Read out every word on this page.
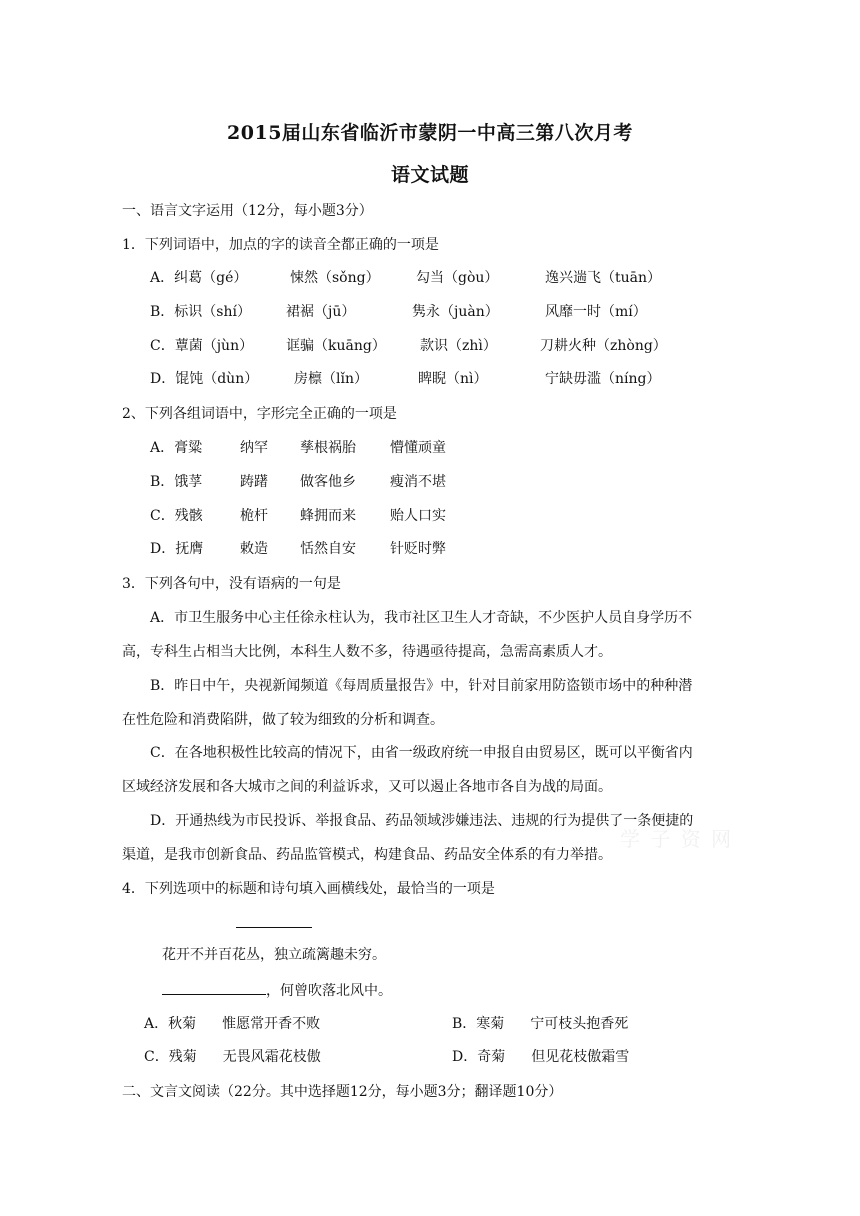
2015届山东省临沂市蒙阴一中高三第八次月考
语文试题
一、语言文字运用（12分，每小题3分）
1．下列词语中，加点的字的读音全都正确的一项是
A．纠葛（gé）	悚然（sǒng）	勾当（gòu）	逸兴遄飞（tuān）
B．标识（shí）	裙裾（jū）	隽永（juàn）	风靡一时（mí）
C．蕈菌（jùn） 诓骗（kuāng） 款识（zhì）	刀耕火种（zhòng）
D．馄饨（dùn）	房檩（lǐn）	睥睨（nì）	宁缺毋滥（níng）
2、下列各组词语中，字形完全正确的一项是
A．膏粱	纳罕 孳根祸胎 懵懂顽童
B．饿莩	踌躇 做客他乡 瘦消不堪
C．残骸	桅杆 蜂拥而来 贻人口实
D．抚膺	敕造 恬然自安 针贬时弊
3．下列各句中，没有语病的一句是
A．市卫生服务中心主任徐永柱认为，我市社区卫生人才奇缺，不少医护人员自身学历不
高，专科生占相当大比例，本科生人数不多，待遇亟待提高，急需高素质人才。
B．昨日中午，央视新闻频道《每周质量报告》中，针对目前家用防盗锁市场中的种种潜
在性危险和消费陷阱，做了较为细致的分析和调查。
C．在各地积极性比较高的情况下，由省一级政府统一申报自由贸易区，既可以平衡省内
区域经济发展和各大城市之间的利益诉求，又可以遏止各地市各自为战的局面。
D．开通热线为市民投诉、举报食品、药品领域涉嫌违法、违规的行为提供了一条便捷的
渠道，是我市创新食品、药品监管模式，构建食品、药品安全体系的有力举措。
学 子 资 网
4．下列选项中的标题和诗句填入画横线处，最恰当的一项是
花开不并百花丛，独立疏篱趣未穷。
，何曾吹落北风中。
A．秋菊 惟愿常开香不败	B．寒菊 宁可枝头抱香死
C．残菊 无畏风霜花枝傲	D．奇菊 但见花枝傲霜雪
二、文言文阅读（22分。其中选择题12分，每小题3分；翻译题10分）
